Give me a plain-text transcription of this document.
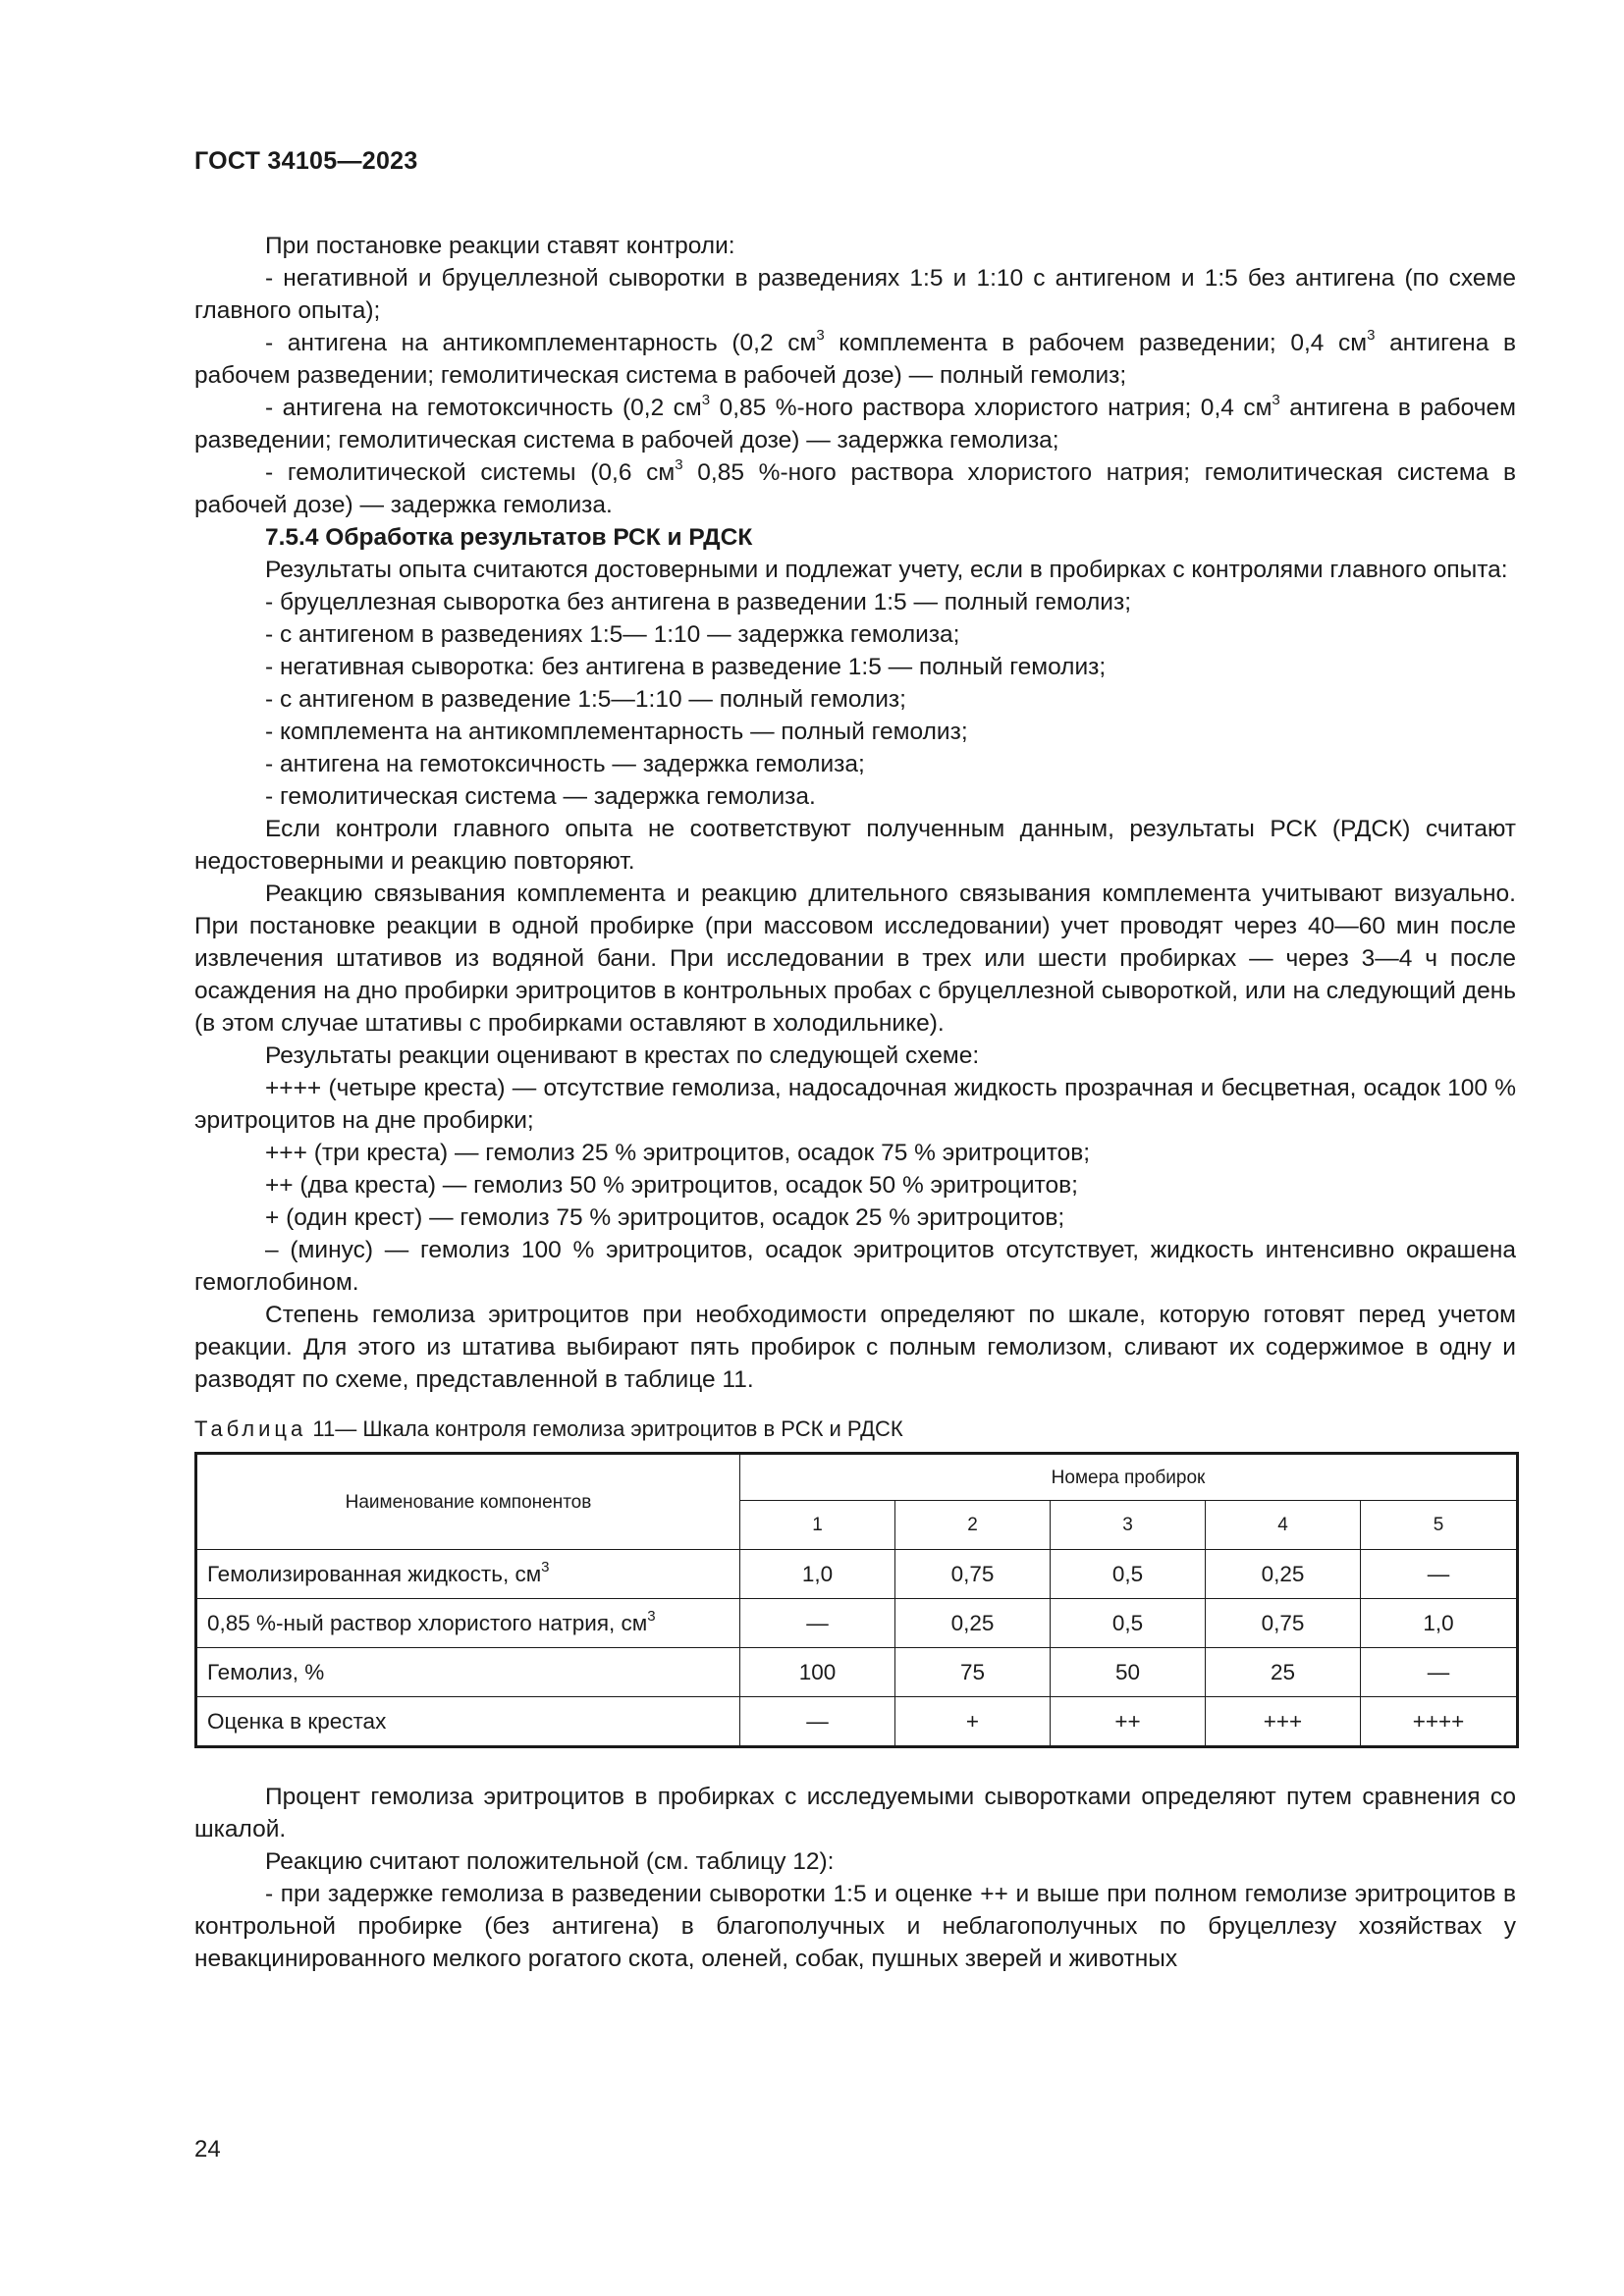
ГОСТ 34105—2023

При постановке реакции ставят контроли:

- негативной и бруцеллезной сыворотки в разведениях 1:5 и 1:10 с антигеном и 1:5 без антигена (по схеме главного опыта);

- антигена на антикомплементарность (0,2 $см^3$ комплемента в рабочем разведении; 0,4 $см^3$ антигена в рабочем разведении; гемолитическая система в рабочей дозе) — полный гемолиз;

- антигена на гемотоксичность (0,2 $см^3$ 0,85 %-ного раствора хлористого натрия; 0,4 $см^3$ антигена в рабочем разведении; гемолитическая система в рабочей дозе) — задержка гемолиза;

- гемолитической системы (0,6 $см^3$ 0,85 %-ного раствора хлористого натрия; гемолитическая система в рабочей дозе) — задержка гемолиза.

7.5.4 Обработка результатов РСК и РДСК

Результаты опыта считаются достоверными и подлежат учету, если в пробирках с контролями главного опыта:

- бруцеллезная сыворотка без антигена в разведении 1:5 — полный гемолиз;

- с антигеном в разведениях 1:5— 1:10 — задержка гемолиза;

- негативная сыворотка: без антигена в разведение 1:5 — полный гемолиз;

- с антигеном в разведение 1:5—1:10 — полный гемолиз;

- комплемента на антикомплементарность — полный гемолиз;

- антигена на гемотоксичность — задержка гемолиза;

- гемолитическая система — задержка гемолиза.

Если контроли главного опыта не соответствуют полученным данным, результаты РСК (РДСК) считают недостоверными и реакцию повторяют.

Реакцию связывания комплемента и реакцию длительного связывания комплемента учитывают визуально. При постановке реакции в одной пробирке (при массовом исследовании) учет проводят через 40—60 мин после извлечения штативов из водяной бани. При исследовании в трех или шести пробирках — через 3—4 ч после осаждения на дно пробирки эритроцитов в контрольных пробах с бруцеллезной сывороткой, или на следующий день (в этом случае штативы с пробирками оставляют в холодильнике).

Результаты реакции оценивают в крестах по следующей схеме:

++++ (четыре креста) — отсутствие гемолиза, надосадочная жидкость прозрачная и бесцветная, осадок 100 % эритроцитов на дне пробирки;

+++ (три креста) — гемолиз 25 % эритроцитов, осадок 75 % эритроцитов;

++ (два креста) — гемолиз 50 % эритроцитов, осадок 50 % эритроцитов;

+ (один крест) — гемолиз 75 % эритроцитов, осадок 25 % эритроцитов;

– (минус) — гемолиз 100 % эритроцитов, осадок эритроцитов отсутствует, жидкость интенсивно окрашена гемоглобином.

Степень гемолиза эритроцитов при необходимости определяют по шкале, которую готовят перед учетом реакции. Для этого из штатива выбирают пять пробирок с полным гемолизом, сливают их содержимое в одну и разводят по схеме, представленной в таблице 11.

Таблица 11— Шкала контроля гемолиза эритроцитов в РСК и РДСК

Наименование компонентов	Номера пробирок				
	1	2	3	4	5
Гемолизированная жидкость, $см^3$	1,0	0,75	0,5	0,25	—
0,85 %-ный раствор хлористого натрия, $см^3$	—	0,25	0,5	0,75	1,0
Гемолиз, %	100	75	50	25	—
Оценка в крестах	—	+	++	+++	++++

Процент гемолиза эритроцитов в пробирках с исследуемыми сыворотками определяют путем сравнения со шкалой.

Реакцию считают положительной (см. таблицу 12):

- при задержке гемолиза в разведении сыворотки 1:5 и оценке ++ и выше при полном гемолизе эритроцитов в контрольной пробирке (без антигена) в благополучных и неблагополучных по бруцеллезу хозяйствах у невакцинированного мелкого рогатого скота, оленей, собак, пушных зверей и животных

24
